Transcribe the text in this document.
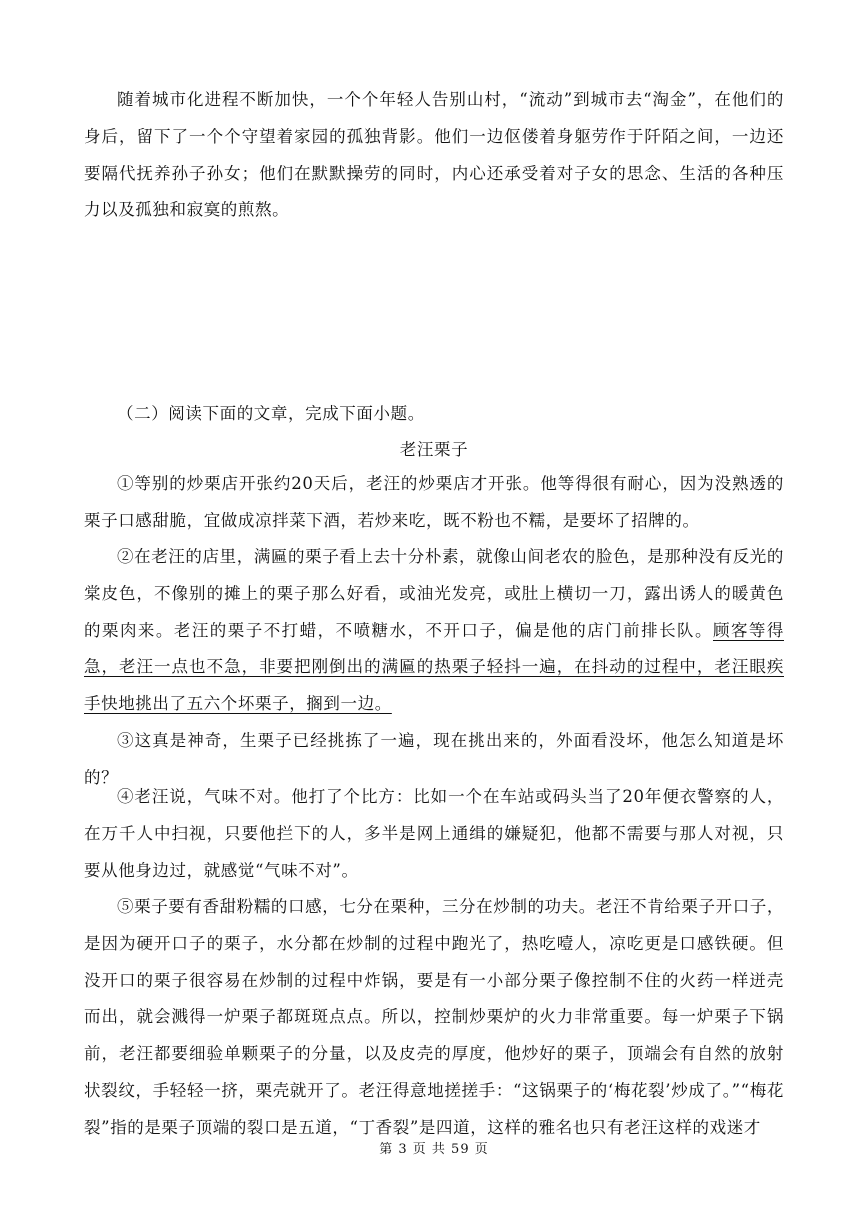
随着城市化进程不断加快，一个个年轻人告别山村，“流动”到城市去“淘金”，在他们的身后，留下了一个个守望着家园的孤独背影。他们一边伛偻着身躯劳作于阡陌之间，一边还要隔代抚养孙子孙女；他们在默默操劳的同时，内心还承受着对子女的思念、生活的各种压力以及孤独和寂寞的煎熬。

（二）阅读下面的文章，完成下面小题。

老汪栗子

①等别的炒栗店开张约20天后，老汪的炒栗店才开张。他等得很有耐心，因为没熟透的栗子口感甜脆，宜做成凉拌菜下酒，若炒来吃，既不粉也不糯，是要坏了招牌的。

②在老汪的店里，满匾的栗子看上去十分朴素，就像山间老农的脸色，是那种没有反光的棠皮色，不像别的摊上的栗子那么好看，或油光发亮，或肚上横切一刀，露出诱人的暖黄色的栗肉来。老汪的栗子不打蜡，不喷糖水，不开口子，偏是他的店门前排长队。顾客等得急，老汪一点也不急，非要把刚倒出的满匾的热栗子轻抖一遍，在抖动的过程中，老汪眼疾手快地挑出了五六个坏栗子，搁到一边。

③这真是神奇，生栗子已经挑拣了一遍，现在挑出来的，外面看没坏，他怎么知道是坏的？

④老汪说，气味不对。他打了个比方：比如一个在车站或码头当了20年便衣警察的人，在万千人中扫视，只要他拦下的人，多半是网上通缉的嫌疑犯，他都不需要与那人对视，只要从他身边过，就感觉“气味不对”。

⑤栗子要有香甜粉糯的口感，七分在栗种，三分在炒制的功夫。老汪不肯给栗子开口子，是因为硬开口子的栗子，水分都在炒制的过程中跑光了，热吃噎人，凉吃更是口感铁硬。但没开口的栗子很容易在炒制的过程中炸锅，要是有一小部分栗子像控制不住的火药一样迸壳而出，就会溅得一炉栗子都斑斑点点。所以，控制炒栗炉的火力非常重要。每一炉栗子下锅前，老汪都要细验单颗栗子的分量，以及皮壳的厚度，他炒好的栗子，顶端会有自然的放射状裂纹，手轻轻一挤，栗壳就开了。老汪得意地搓搓手：“这锅栗子的‘梅花裂’炒成了。”“梅花裂”指的是栗子顶端的裂口是五道，“丁香裂”是四道，这样的雅名也只有老汪这样的戏迷才

第 3 页 共 59 页
